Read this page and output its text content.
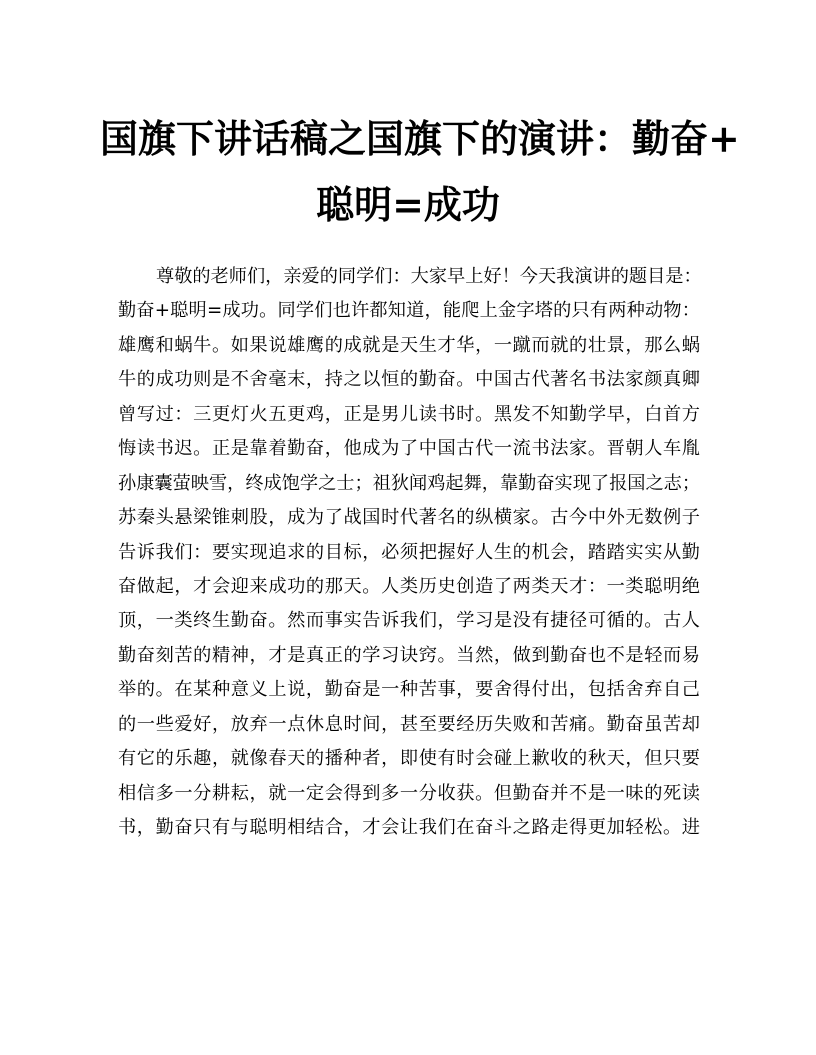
国旗下讲话稿之国旗下的演讲：勤奋+
聪明=成功
尊敬的老师们，亲爱的同学们：大家早上好！今天我演讲的题目是：
勤奋+聪明=成功。同学们也许都知道，能爬上金字塔的只有两种动物：
雄鹰和蜗牛。如果说雄鹰的成就是天生才华，一蹴而就的壮景，那么蜗
牛的成功则是不舍毫末，持之以恒的勤奋。中国古代著名书法家颜真卿
曾写过：三更灯火五更鸡，正是男儿读书时。黑发不知勤学早，白首方
悔读书迟。正是靠着勤奋，他成为了中国古代一流书法家。晋朝人车胤
孙康囊萤映雪，终成饱学之士；祖狄闻鸡起舞，靠勤奋实现了报国之志；
苏秦头悬梁锥刺股，成为了战国时代著名的纵横家。古今中外无数例子
告诉我们：要实现追求的目标，必须把握好人生的机会，踏踏实实从勤
奋做起，才会迎来成功的那天。人类历史创造了两类天才：一类聪明绝
顶，一类终生勤奋。然而事实告诉我们，学习是没有捷径可循的。古人
勤奋刻苦的精神，才是真正的学习诀窍。当然，做到勤奋也不是轻而易
举的。在某种意义上说，勤奋是一种苦事，要舍得付出，包括舍弃自己
的一些爱好，放弃一点休息时间，甚至要经历失败和苦痛。勤奋虽苦却
有它的乐趣，就像春天的播种者，即使有时会碰上歉收的秋天，但只要
相信多一分耕耘，就一定会得到多一分收获。但勤奋并不是一味的死读
书，勤奋只有与聪明相结合，才会让我们在奋斗之路走得更加轻松。进
